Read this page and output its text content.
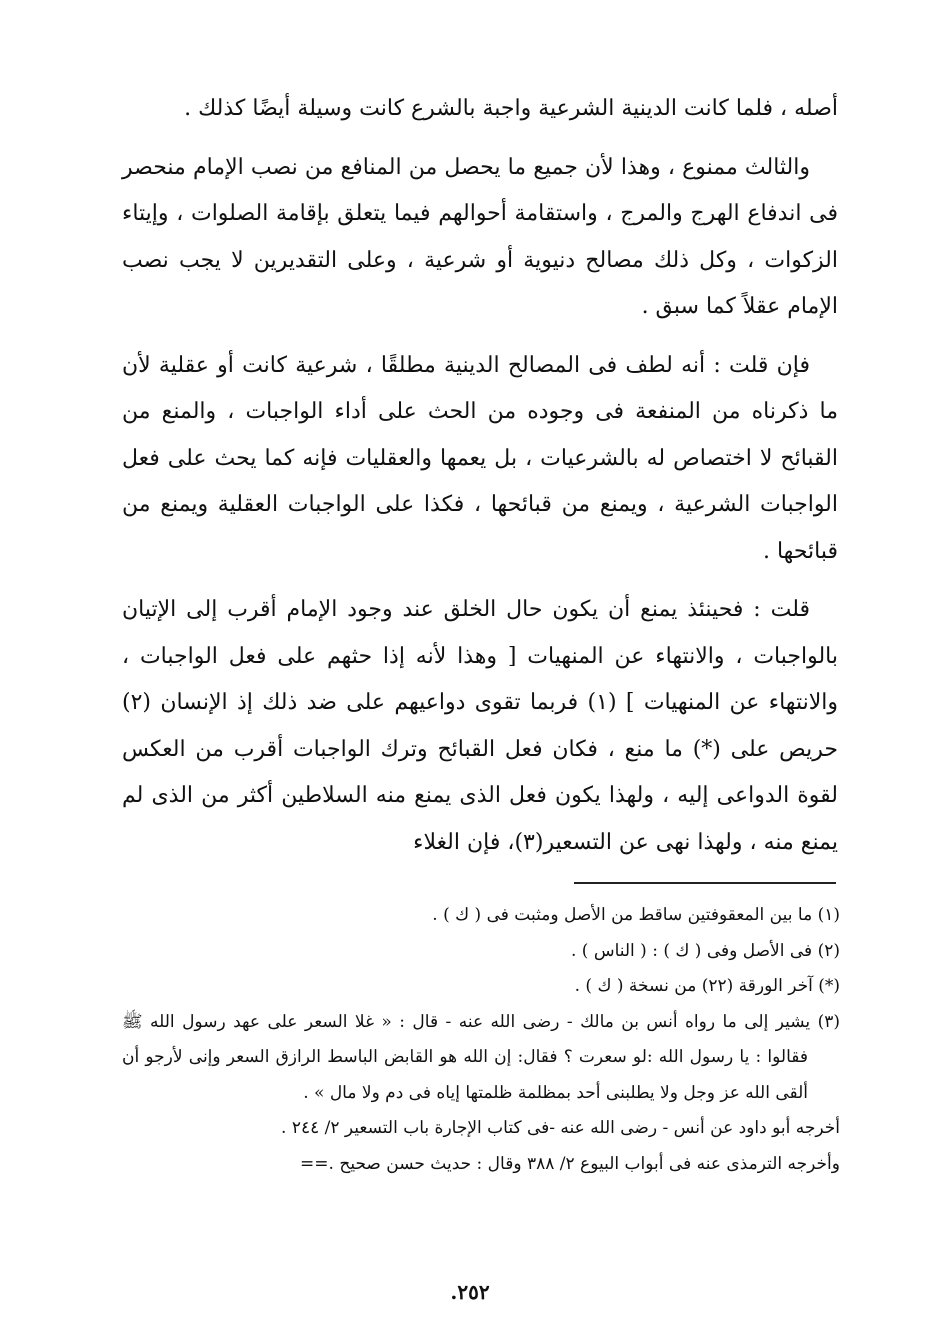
أصله ، فلما كانت الدينية الشرعية واجبة بالشرع كانت وسيلة أيضًا كذلك .

والثالث ممنوع ، وهذا لأن جميع ما يحصل من المنافع من نصب الإمام منحصر فى اندفاع الهرج والمرج ، واستقامة أحوالهم فيما يتعلق بإقامة الصلوات ، وإيتاء الزكوات ، وكل ذلك مصالح دنيوية أو شرعية ، وعلى التقديرين لا يجب نصب الإمام عقلاً كما سبق .

فإن قلت : أنه لطف فى المصالح الدينية مطلقًا ، شرعية كانت أو عقلية لأن ما ذكرناه من المنفعة فى وجوده من الحث على أداء الواجبات ، والمنع من القبائح لا اختصاص له بالشرعيات ، بل يعمها والعقليات فإنه كما يحث على فعل الواجبات الشرعية ، ويمنع من قبائحها ، فكذا على الواجبات العقلية ويمنع من قبائحها .

قلت : فحينئذ يمنع أن يكون حال الخلق عند وجود الإمام أقرب إلى الإتيان بالواجبات ، والانتهاء عن المنهيات [ وهذا لأنه إذا حثهم على فعل الواجبات ، والانتهاء عن المنهيات ] (١) فربما تقوى دواعيهم على ضد ذلك إذ الإنسان (٢) حريص على (*) ما منع ، فكان فعل القبائح وترك الواجبات أقرب من العكس لقوة الدواعى إليه ، ولهذا يكون فعل الذى يمنع منه السلاطين أكثر من الذى لم يمنع منه ، ولهذا نهى عن التسعير(٣)، فإن الغلاء

(١) ما بين المعقوفتين ساقط من الأصل ومثبت فى ( ك ) .

(٢) فى الأصل وفى ( ك ) : ( الناس ) .

(*) آخر الورقة (٢٢) من نسخة ( ك ) .

(٣) يشير إلى ما رواه أنس بن مالك - رضى الله عنه - قال : « غلا السعر على عهد رسول الله ﷺ فقالوا : يا رسول الله :لو سعرت ؟ فقال: إن الله هو القابض الباسط الرازق السعر وإنى لأرجو أن ألقى الله عز وجل ولا يطلبنى أحد بمظلمة ظلمتها إياه فى دم ولا مال » .

أخرجه أبو داود عن أنس - رضى الله عنه -فى كتاب الإجارة باب التسعير ٢/ ٢٤٤ .

وأخرجه الترمذى عنه فى أبواب البيوع ٢/ ٣٨٨ وقال : حديث حسن صحيح .==

٢٥٢.
